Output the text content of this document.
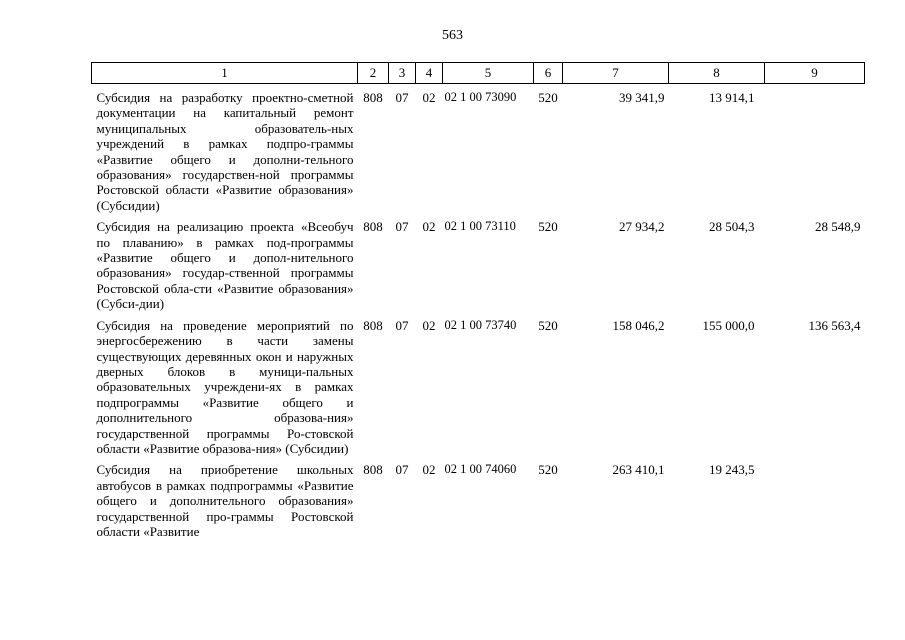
563
1	2	3	4	5	6	7	8	9
Субсидия на разработку проектно-сметной документации на капитальный ремонт муниципальных образователь-ных учреждений в рамках подпро-граммы «Развитие общего и дополни-тельного образования» государствен-ной программы Ростовской области «Развитие образования» (Субсидии)	808	07	02	02 1 00 73090	520	39 341,9	13 914,1	
Субсидия на реализацию проекта «Всеобуч по плаванию» в рамках под-программы «Развитие общего и допол-нительного образования» государ-ственной программы Ростовской обла-сти «Развитие образования» (Субси-дии)	808	07	02	02 1 00 73110	520	27 934,2	28 504,3	28 548,9
Субсидия на проведение мероприятий по энергосбережению в части замены существующих деревянных окон и наружных дверных блоков в муници-пальных образовательных учреждени-ях в рамках подпрограммы «Развитие общего и дополнительного образова-ния» государственной программы Ро-стовской области «Развитие образова-ния» (Субсидии)	808	07	02	02 1 00 73740	520	158 046,2	155 000,0	136 563,4
Субсидия на приобретение школьных автобусов в рамках подпрограммы «Развитие общего и дополнительного образования» государственной про-граммы Ростовской области «Развитие	808	07	02	02 1 00 74060	520	263 410,1	19 243,5	
